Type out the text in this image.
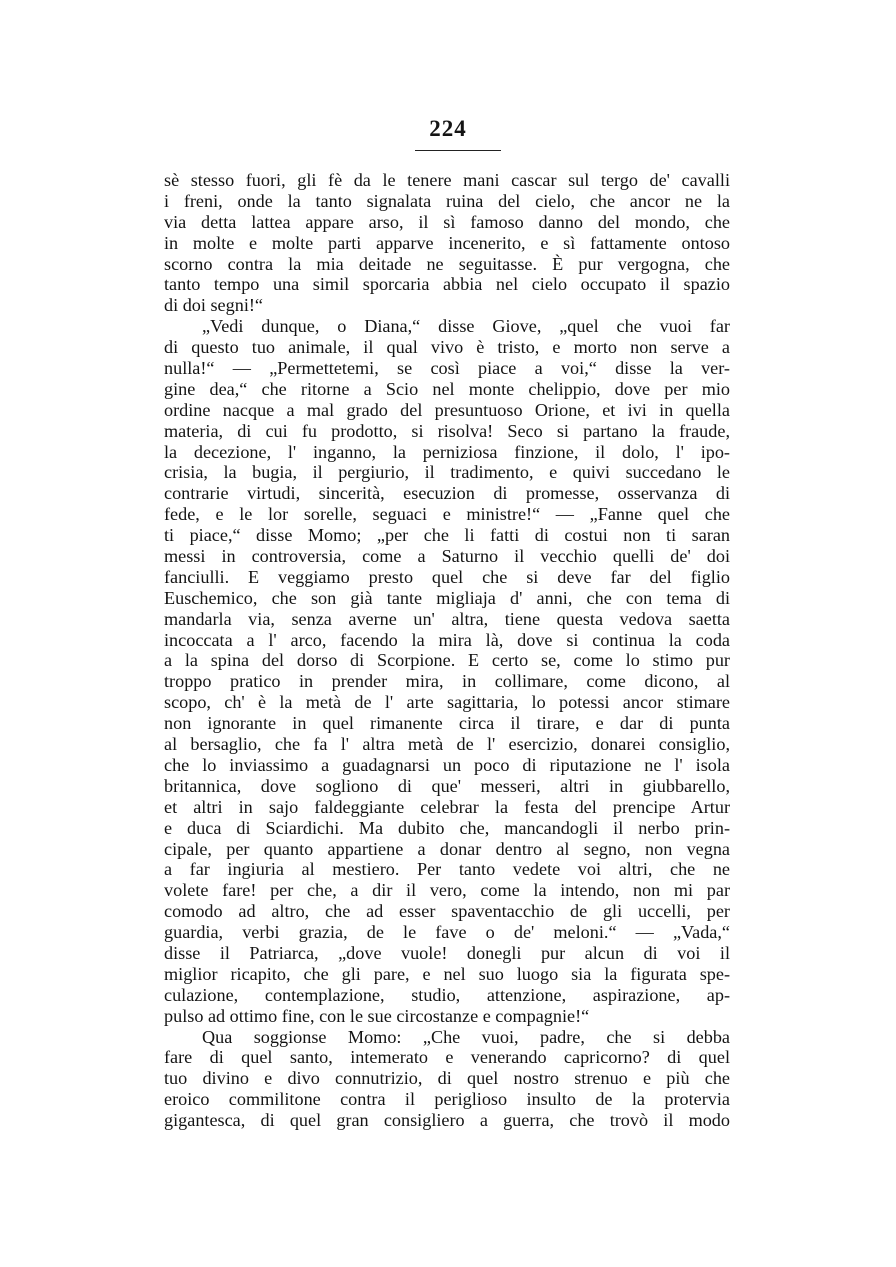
224
sè stesso fuori, gli fè da le tenere mani cascar sul tergo de' cavalli
i freni, onde la tanto signalata ruina del cielo, che ancor ne la
via detta lattea appare arso, il sì famoso danno del mondo, che
in molte e molte parti apparve incenerito, e sì fattamente ontoso
scorno contra la mia deitade ne seguitasse. È pur vergogna, che
tanto tempo una simil sporcaria abbia nel cielo occupato il spazio
di doi segni!“
„Vedi dunque, o Diana,“ disse Giove, „quel che vuoi far
di questo tuo animale, il qual vivo è tristo, e morto non serve a
nulla!“ — „Permettetemi, se così piace a voi,“ disse la ver-
gine dea,“ che ritorne a Scio nel monte chelippio, dove per mio
ordine nacque a mal grado del presuntuoso Orione, et ivi in quella
materia, di cui fu prodotto, si risolva! Seco si partano la fraude,
la decezione, l' inganno, la perniziosa finzione, il dolo, l' ipo-
crisia, la bugia, il pergiurio, il tradimento, e quivi succedano le
contrarie virtudi, sincerità, esecuzion di promesse, osservanza di
fede, e le lor sorelle, seguaci e ministre!“ — „Fanne quel che
ti piace,“ disse Momo; „per che li fatti di costui non ti saran
messi in controversia, come a Saturno il vecchio quelli de' doi
fanciulli. E veggiamo presto quel che si deve far del figlio
Euschemico, che son già tante migliaja d' anni, che con tema di
mandarla via, senza averne un' altra, tiene questa vedova saetta
incoccata a l' arco, facendo la mira là, dove si continua la coda
a la spina del dorso di Scorpione. E certo se, come lo stimo pur
troppo pratico in prender mira, in collimare, come dicono, al
scopo, ch' è la metà de l' arte sagittaria, lo potessi ancor stimare
non ignorante in quel rimanente circa il tirare, e dar di punta
al bersaglio, che fa l' altra metà de l' esercizio, donarei consiglio,
che lo inviassimo a guadagnarsi un poco di riputazione ne l' isola
britannica, dove sogliono di que' messeri, altri in giubbarello,
et altri in sajo faldeggiante celebrar la festa del prencipe Artur
e duca di Sciardichi. Ma dubito che, mancandogli il nerbo prin-
cipale, per quanto appartiene a donar dentro al segno, non vegna
a far ingiuria al mestiero. Per tanto vedete voi altri, che ne
volete fare! per che, a dir il vero, come la intendo, non mi par
comodo ad altro, che ad esser spaventacchio de gli uccelli, per
guardia, verbi grazia, de le fave o de' meloni.“ — „Vada,“
disse il Patriarca, „dove vuole! donegli pur alcun di voi il
miglior ricapito, che gli pare, e nel suo luogo sia la figurata spe-
culazione, contemplazione, studio, attenzione, aspirazione, ap-
pulso ad ottimo fine, con le sue circostanze e compagnie!“
Qua soggionse Momo: „Che vuoi, padre, che si debba
fare di quel santo, intemerato e venerando capricorno? di quel
tuo divino e divo connutrizio, di quel nostro strenuo e più che
eroico commilitone contra il periglioso insulto de la protervia
gigantesca, di quel gran consigliero a guerra, che trovò il modo
